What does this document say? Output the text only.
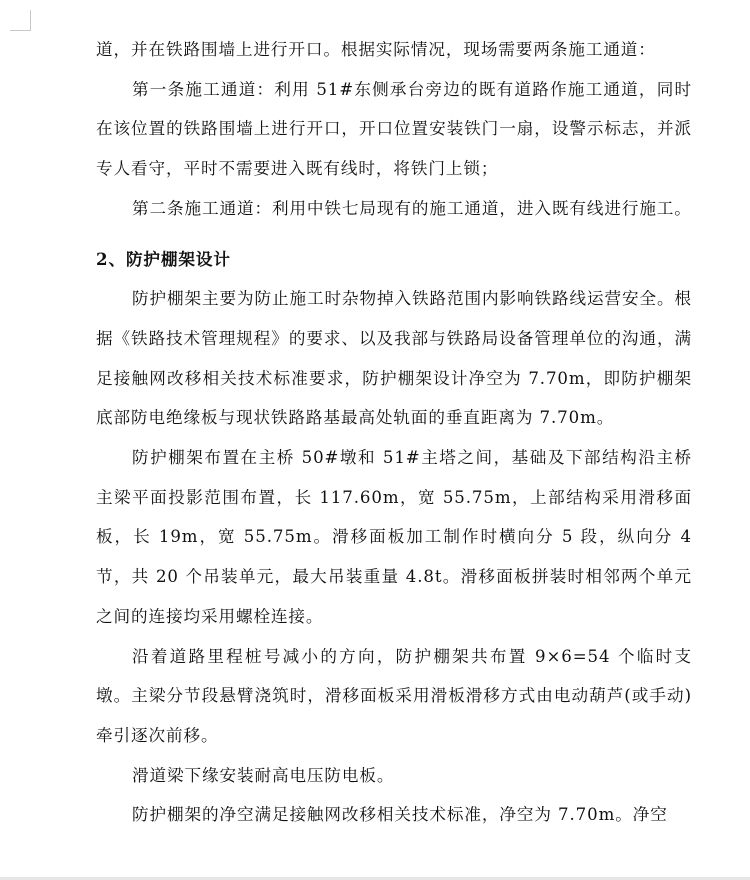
道，并在铁路围墙上进行开口。根据实际情况，现场需要两条施工通道：

第一条施工通道：利用 51#东侧承台旁边的既有道路作施工通道，同时在该位置的铁路围墙上进行开口，开口位置安装铁门一扇，设警示标志，并派专人看守，平时不需要进入既有线时，将铁门上锁；

第二条施工通道：利用中铁七局现有的施工通道，进入既有线进行施工。

2、防护棚架设计

防护棚架主要为防止施工时杂物掉入铁路范围内影响铁路线运营安全。根据《铁路技术管理规程》的要求、以及我部与铁路局设备管理单位的沟通，满足接触网改移相关技术标准要求，防护棚架设计净空为 7.70m，即防护棚架底部防电绝缘板与现状铁路路基最高处轨面的垂直距离为 7.70m。

防护棚架布置在主桥 50#墩和 51#主塔之间，基础及下部结构沿主桥主梁平面投影范围布置，长 117.60m，宽 55.75m，上部结构采用滑移面板，长 19m，宽 55.75m。滑移面板加工制作时横向分 5 段，纵向分 4 节，共 20 个吊装单元，最大吊装重量 4.8t。滑移面板拼装时相邻两个单元之间的连接均采用螺栓连接。

沿着道路里程桩号减小的方向，防护棚架共布置 9×6=54 个临时支墩。主梁分节段悬臂浇筑时，滑移面板采用滑板滑移方式由电动葫芦(或手动)牵引逐次前移。

滑道梁下缘安装耐高电压防电板。

防护棚架的净空满足接触网改移相关技术标准，净空为 7.70m。净空
